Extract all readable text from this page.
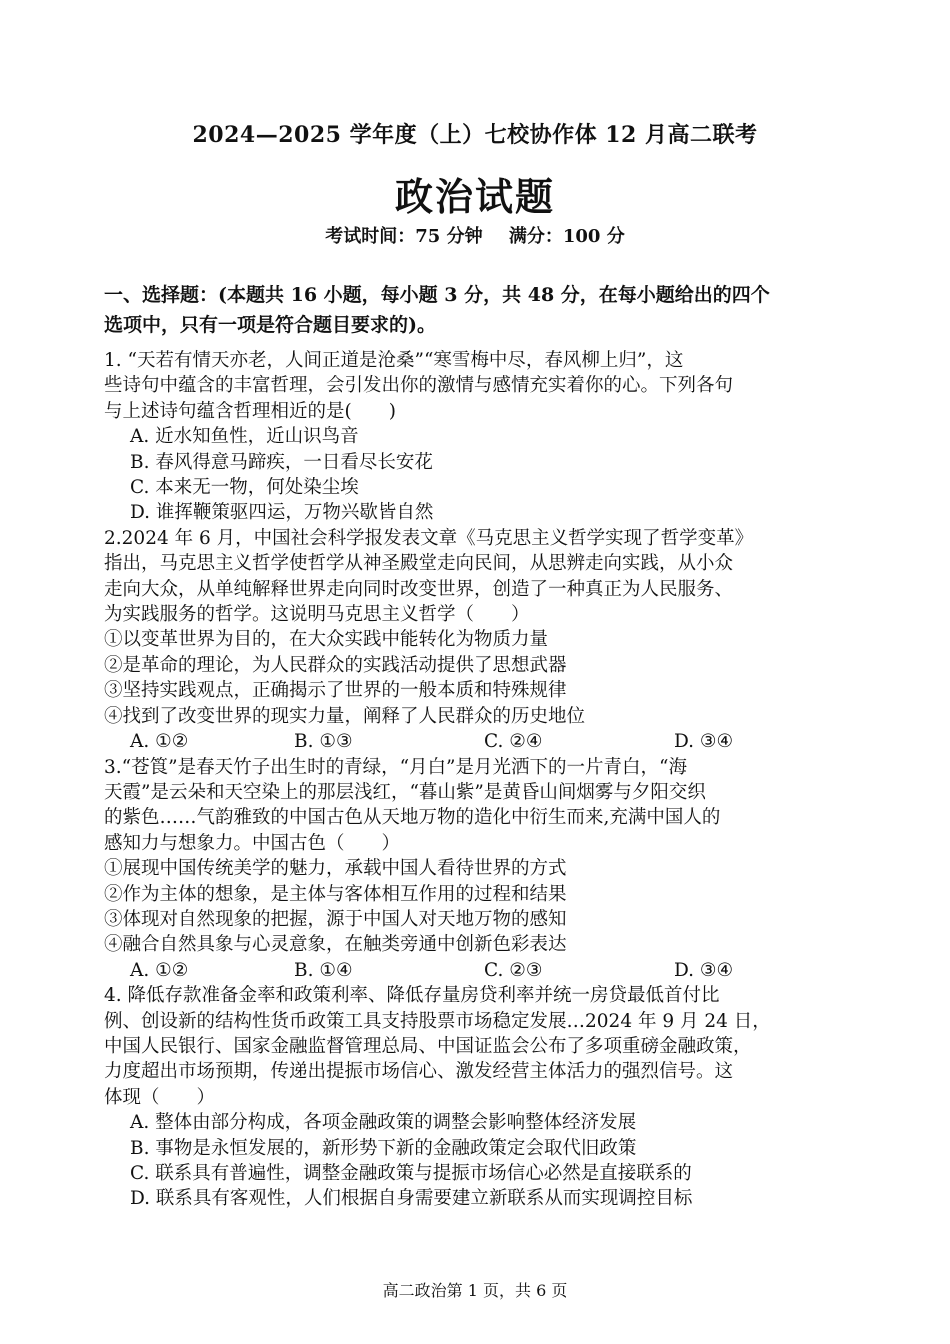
2024—2025 学年度（上）七校协作体 12 月高二联考
政治试题
考试时间：75 分钟 满分：100 分
一、选择题：(本题共 16 小题，每小题 3 分，共 48 分，在每小题给出的四个
选项中，只有一项是符合题目要求的)。
1. “天若有情天亦老，人间正道是沧桑”“寒雪梅中尽，春风柳上归”，这
些诗句中蕴含的丰富哲理，会引发出你的激情与感情充实着你的心。下列各句
与上述诗句蕴含哲理相近的是(　　)
A. 近水知鱼性，近山识鸟音
B. 春风得意马蹄疾，一日看尽长安花
C. 本来无一物，何处染尘埃
D. 谁挥鞭策驱四运，万物兴歇皆自然
2.2024 年 6 月，中国社会科学报发表文章《马克思主义哲学实现了哲学变革》
指出，马克思主义哲学使哲学从神圣殿堂走向民间，从思辨走向实践，从小众
走向大众，从单纯解释世界走向同时改变世界，创造了一种真正为人民服务、
为实践服务的哲学。这说明马克思主义哲学（　　）
①以变革世界为目的，在大众实践中能转化为物质力量
②是革命的理论，为人民群众的实践活动提供了思想武器
③坚持实践观点，正确揭示了世界的一般本质和特殊规律
④找到了改变世界的现实力量，阐释了人民群众的历史地位
A. ①②	B. ①③	C. ②④	D. ③④
3.“苍筤”是春天竹子出生时的青绿，“月白”是月光洒下的一片青白，“海
天霞”是云朵和天空染上的那层浅红，“暮山紫”是黄昏山间烟雾与夕阳交织
的紫色……气韵雅致的中国古色从天地万物的造化中衍生而来,充满中国人的
感知力与想象力。中国古色（　　）
①展现中国传统美学的魅力，承载中国人看待世界的方式
②作为主体的想象，是主体与客体相互作用的过程和结果
③体现对自然现象的把握，源于中国人对天地万物的感知
④融合自然具象与心灵意象，在触类旁通中创新色彩表达
A. ①②	B. ①④	C. ②③	D. ③④
4. 降低存款准备金率和政策利率、降低存量房贷利率并统一房贷最低首付比
例、创设新的结构性货币政策工具支持股票市场稳定发展…2024 年 9 月 24 日，
中国人民银行、国家金融监督管理总局、中国证监会公布了多项重磅金融政策，
力度超出市场预期，传递出提振市场信心、激发经营主体活力的强烈信号。这
体现（　　）
A. 整体由部分构成，各项金融政策的调整会影响整体经济发展
B. 事物是永恒发展的，新形势下新的金融政策定会取代旧政策
C. 联系具有普遍性，调整金融政策与提振市场信心必然是直接联系的
D. 联系具有客观性，人们根据自身需要建立新联系从而实现调控目标
高二政治第 1 页，共 6 页
